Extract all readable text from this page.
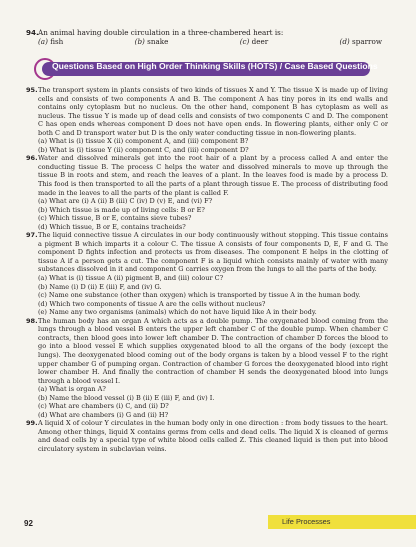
94. An animal having double circulation in a three-chambered heart is:
(a) fish	(b) snake	(c) deer	(d) sparrow
Questions Based on High Order Thinking Skills (HOTS) / Case Based Questions
95. The transport system in plants consists of two kinds of tissues X and Y. The tissue X is made up of living cells and consists of two components A and B. The component A has tiny pores in its end walls and contains only cytoplasm but no nucleus. On the other hand, component B has cytoplasm as well as nucleus. The tissue Y is made up of dead cells and consists of two components C and D. The component C has open ends whereas component D does not have open ends. In flowering plants, either only C or both C and D transport water but D is the only water conducting tissue in non-flowering plants.

(a) What is (i) tissue X (ii) component A, and (iii) component B?

(b) What is (i) tissue Y (ii) component C, and (iii) component D?

96. Water and dissolved minerals get into the root hair of a plant by a process called A and enter the conducting tissue B. The process C helps the water and dissolved minerals to move up through the tissue B in roots and stem, and reach the leaves of a plant. In the leaves food is made by a process D. This food is then transported to all the parts of a plant through tissue E. The process of distributing food made in the leaves to all the parts of the plant is called F.

(a) What are (i) A (ii) B (iii) C (iv) D (v) E, and (vi) F?

(b) Which tissue is made up of living cells: B or E?

(c) Which tissue, B or E, contains sieve tubes?

(d) Which tissue, B or E, contains tracheids?

97. The liquid connective tissue A circulates in our body continuously without stopping. This tissue contains a pigment B which imparts it a colour C. The tissue A consists of four components D, E, F and G. The component D fights infection and protects us from diseases. The component E helps in the clotting of tissue A if a person gets a cut. The component F is a liquid which consists mainly of water with many substances dissolved in it and component G carries oxygen from the lungs to all the parts of the body.

(a) What is (i) tissue A (ii) pigment B, and (iii) colour C?

(b) Name (i) D (ii) E (iii) F, and (iv) G.

(c) Name one substance (other than oxygen) which is transported by tissue A in the human body.

(d) Which two components of tissue A are the cells without nucleus?

(e) Name any two organisms (animals) which do not have liquid like A in their body.

98. The human body has an organ A which acts as a double pump. The oxygenated blood coming from the lungs through a blood vessel B enters the upper left chamber C of the double pump. When chamber C contracts, then blood goes into lower left chamber D. The contraction of chamber D forces the blood to go into a blood vessel E which supplies oxygenated blood to all the organs of the body (except the lungs). The deoxygenated blood coming out of the body organs is taken by a blood vessel F to the right upper chamber G of pumping organ. Contraction of chamber G forces the deoxygenated blood into right lower chamber H. And finally the contraction of chamber H sends the deoxygenated blood into lungs through a blood vessel I.

(a) What is organ A?

(b) Name the blood vessel (i) B (ii) E (iii) F, and (iv) I.

(c) What are chambers (i) C, and (ii) D?

(d) What are chambers (i) G and (ii) H?

99. A liquid X of colour Y circulates in the human body only in one direction : from body tissues to the heart. Among other things, liquid X contains germs from cells and dead cells. The liquid X is cleaned of germs and dead cells by a special type of white blood cells called Z. This cleaned liquid is then put into blood circulatory system in subclavian veins.

92	Life Processes
